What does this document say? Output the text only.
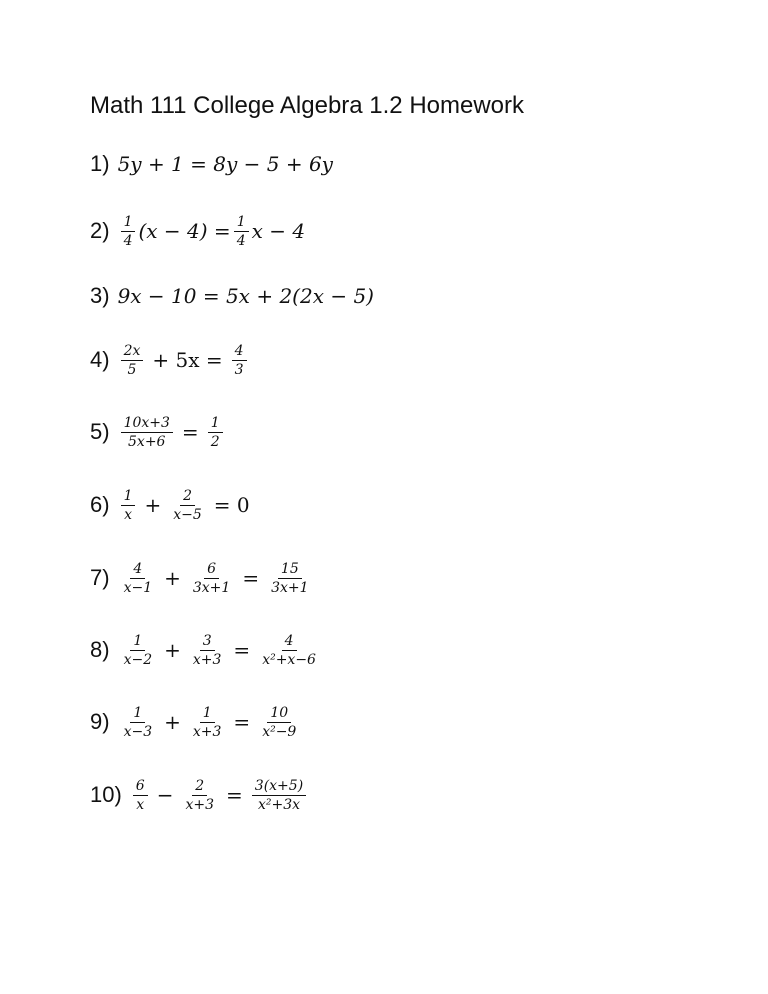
Math 111 College Algebra 1.2 Homework
1) 5y + 1 = 8y − 5 + 6y
$2) \frac{1}{4} (x - 4) = \frac{1}{4}$ x − 4
3) 9x − 10 = 5x + 2(2x − 5)
$4) \frac{2x}{5} + 5x = \frac{4}{3}$
$5) \frac{10x+3}{5x+6} = \frac{1}{2}$
$6) \frac{1}{x} + \frac{2}{x-5} = 0$
$7) \frac{4}{x-1} + \frac{6}{3x+1} = \frac{15}{3x+1}$
$8) \frac{1}{x-2} + \frac{3}{x+3} = \frac{4}{\text{x²+x−6}}$
$9) \frac{1}{x-3} + \frac{1}{x+3} = \frac{10}{\text{x²−9}}$
$10) \frac{6}{x} - \frac{2}{x+3} = \frac{3(x+5)}{\text{x²+3x}}$
